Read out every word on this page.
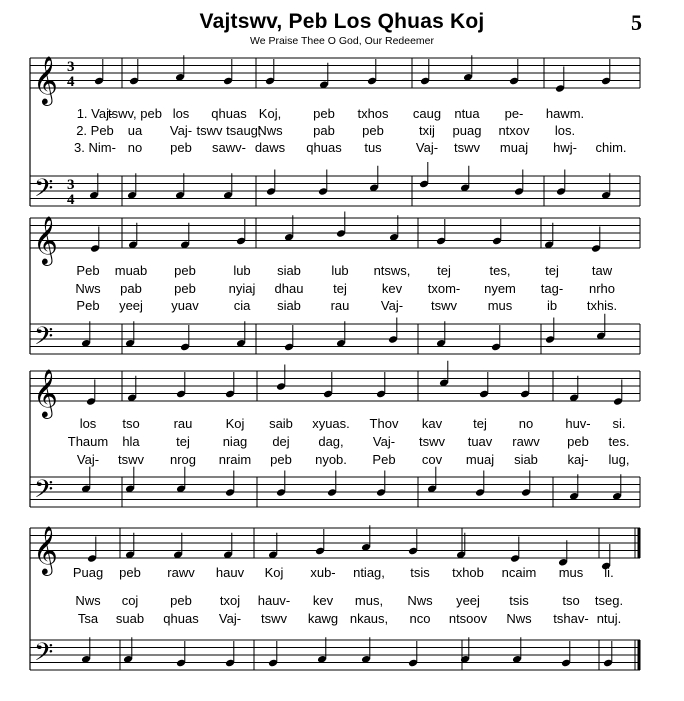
Vajtswv, Peb Los Qhuas Koj
We Praise Thee O God, Our Redeemer
5
𝄞
𝄢
3
4
3
4
1. Vaj-
tswv, peb los qhuas Koj, peb txhos caug ntua pe- hawm.
2. Peb ua Vaj- tswv tsaug;
Nws pab peb	txij puag ntxov los.
3. Nim- no peb sawv- daws qhuas tus	Vaj- tswv muaj hwj- chim.
𝄞
𝄢
Peb muab peb	lub siab lub ntsws, tej	tes,	tej	taw
Nws pab peb	nyiaj dhau tej	kev txom- nyem tag- nrho
Peb yeej yuav	cia siab rau Vaj- tswv mus	ib txhis.
𝄞
𝄢
los tso	rau	Koj saib xyuas. Thov kav tej no huv- si.
Thaum hla	tej	niag dej dag, Vaj- tswv tuav rawv peb tes.
Vaj- tswv nrog nraim peb nyob. Peb cov muaj siab kaj- lug,
𝄞
𝄢
Puag peb rawv hauv Koj xub- ntiag, tsis txhob ncaim mus li.
Nws coj peb txoj hauv- kev mus, Nws yeej tsis	tso tseg.
Tsa suab qhuas Vaj- tswv kawg nkaus, nco ntsoov Nws tshav- ntuj.
